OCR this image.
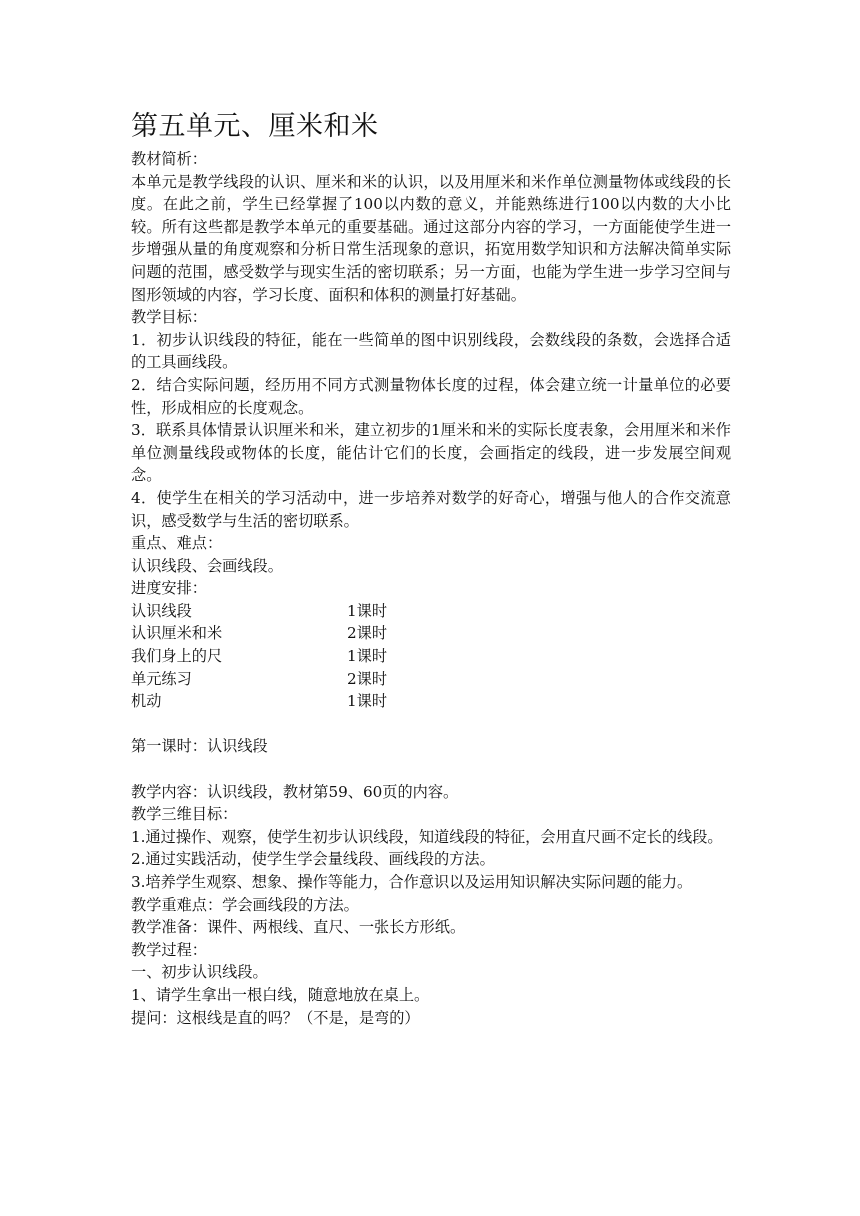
第五单元、厘米和米

教材简析：

本单元是教学线段的认识、厘米和米的认识，以及用厘米和米作单位测量物体或线段的长度。在此之前，学生已经掌握了100以内数的意义，并能熟练进行100以内数的大小比较。所有这些都是教学本单元的重要基础。通过这部分内容的学习，一方面能使学生进一步增强从量的角度观察和分析日常生活现象的意识，拓宽用数学知识和方法解决简单实际问题的范围，感受数学与现实生活的密切联系；另一方面，也能为学生进一步学习空间与图形领域的内容，学习长度、面积和体积的测量打好基础。

教学目标：

1．初步认识线段的特征，能在一些简单的图中识别线段，会数线段的条数，会选择合适的工具画线段。

2．结合实际问题，经历用不同方式测量物体长度的过程，体会建立统一计量单位的必要性，形成相应的长度观念。

3．联系具体情景认识厘米和米，建立初步的1厘米和米的实际长度表象，会用厘米和米作单位测量线段或物体的长度，能估计它们的长度，会画指定的线段，进一步发展空间观念。

4．使学生在相关的学习活动中，进一步培养对数学的好奇心，增强与他人的合作交流意识，感受数学与生活的密切联系。

重点、难点：

认识线段、会画线段。

进度安排：

认识线段	1课时
认识厘米和米	2课时
我们身上的尺	1课时
单元练习	2课时
机动	1课时

第一课时：认识线段

教学内容：认识线段，教材第59、60页的内容。

教学三维目标：

1.通过操作、观察，使学生初步认识线段，知道线段的特征，会用直尺画不定长的线段。

2.通过实践活动，使学生学会量线段、画线段的方法。

3.培养学生观察、想象、操作等能力，合作意识以及运用知识解决实际问题的能力。

教学重难点：学会画线段的方法。

教学准备：课件、两根线、直尺、一张长方形纸。

教学过程：

一、初步认识线段。

1、请学生拿出一根白线，随意地放在桌上。

提问：这根线是直的吗？（不是，是弯的）
